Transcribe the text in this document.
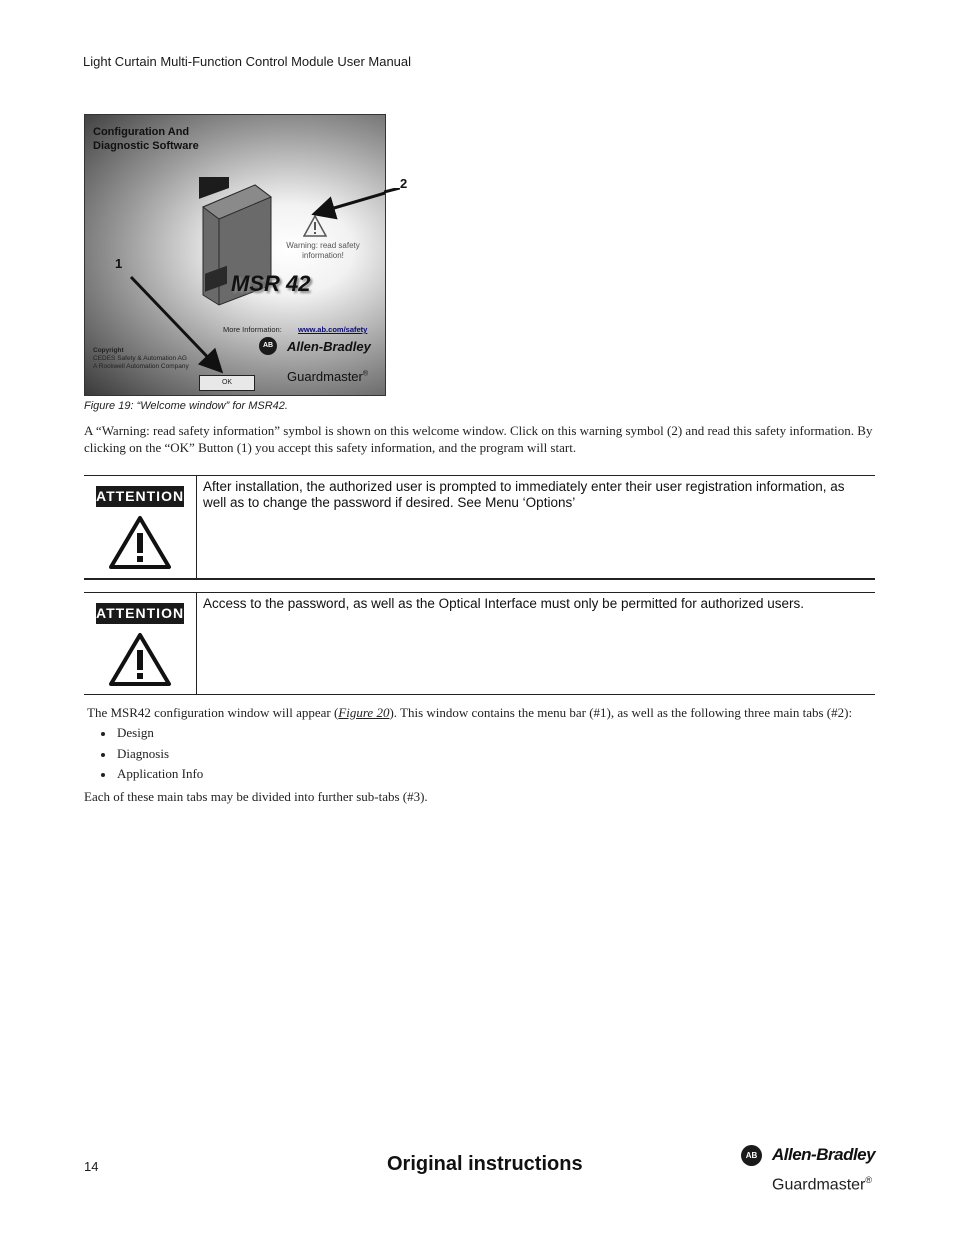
Light Curtain Multi-Function Control Module User Manual
Configuration And
Diagnostic Software
Warning: read safety
information!
MSR 42
More Information: www.ab.com/safety
AB	Allen-Bradley
Copyright
CEDES Safety & Automation AG
A Rockwell Automation Company
OK	Guardmaster®
1
2
Figure 19: “Welcome window” for MSR42.
A “Warning: read safety information” symbol is shown on this welcome window. Click on this warning symbol (2) and read this safety information. By clicking on the “OK” Button (1) you accept this safety information, and the program will start.
ATTENTION
After installation, the authorized user is prompted to immediately enter their user registration information, as well as to change the password if desired. See Menu ‘Options’
ATTENTION
Access to the password, as well as the Optical Interface must only be permitted for authorized users.
The MSR42 configuration window will appear (Figure 20). This window contains the menu bar (#1), as well as the following three main tabs (#2):
Design
Diagnosis
Application Info
Each of these main tabs may be divided into further sub-tabs (#3).
14	Original instructions	AB Allen-Bradley
Guardmaster®
